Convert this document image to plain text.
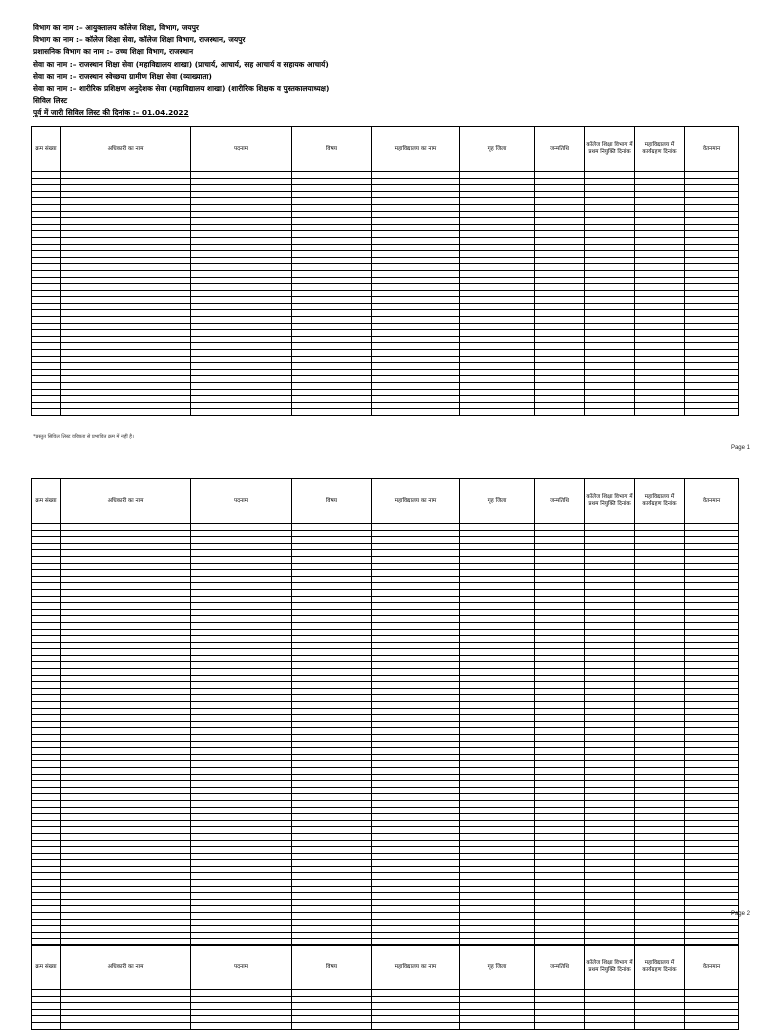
विभाग का नाम :– आयुक्तालय कॉलेज शिक्षा, विभाग, जयपुर
विभाग का नाम :– कॉलेज शिक्षा सेवा, कॉलेज शिक्षा विभाग, राजस्थान, जयपुर
प्रशासनिक विभाग का नाम :– उच्च शिक्षा विभाग, राजस्थान
सेवा का नाम :– राजस्थान शिक्षा सेवा (महाविद्यालय शाखा) (प्राचार्य, आचार्य, सह आचार्य व सहायक आचार्य)
सेवा का नाम :– राजस्थान स्वेच्छया ग्रामीण शिक्षा सेवा (व्याख्याता)
सेवा का नाम :– शारीरिक प्रशिक्षण अनुदेशक सेवा (महाविद्यालय शाखा) (शारीरिक शिक्षक व पुस्तकालयाध्यक्ष)
सिविल लिस्ट
पूर्व में जारी सिविल लिस्ट की दिनांक :– 01.04.2022
क्रम संख्या	अधिकारी का नाम	पदनाम	विषय	महाविद्यालय का नाम	गृह जिला	जन्मतिथि	कॉलेज शिक्षा विभाग में प्रथम नियुक्ति दिनांक	महाविद्यालय में कार्यग्रहण दिनांक	वेतनमान

*प्रस्तुत सिविल लिस्ट वरिष्ठता से प्रभावित क्रम में नहीं है।
Page 1
क्रम संख्या	अधिकारी का नाम	पदनाम	विषय	महाविद्यालय का नाम	गृह जिला	जन्मतिथि	कॉलेज शिक्षा विभाग में प्रथम नियुक्ति दिनांक	महाविद्यालय में कार्यग्रहण दिनांक	वेतनमान

Page 2
क्रम संख्या	अधिकारी का नाम	पदनाम	विषय	महाविद्यालय का नाम	गृह जिला	जन्मतिथि	कॉलेज शिक्षा विभाग में प्रथम नियुक्ति दिनांक	महाविद्यालय में कार्यग्रहण दिनांक	वेतनमान
